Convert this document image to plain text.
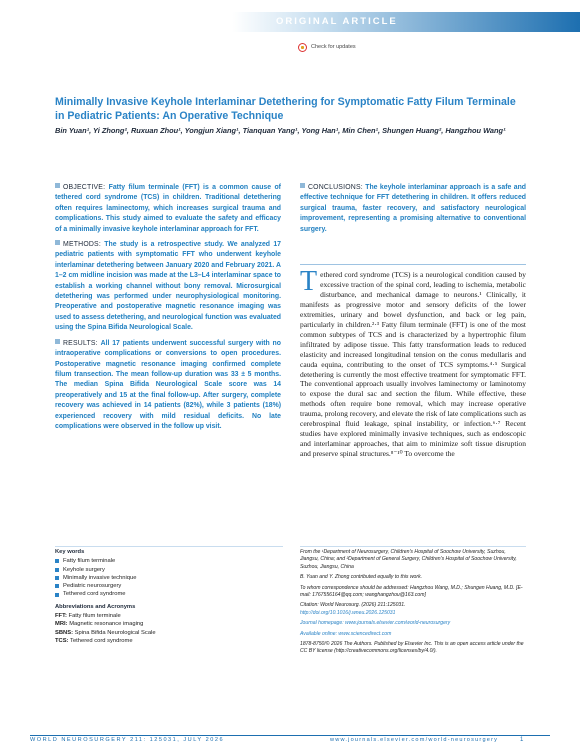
ORIGINAL ARTICLE
Check for updates
Minimally Invasive Keyhole Interlaminar Detethering for Symptomatic Fatty Filum Terminale in Pediatric Patients: An Operative Technique
Bin Yuan¹, Yi Zhong², Ruxuan Zhou¹, Yongjun Xiang¹, Tianquan Yang¹, Yong Han¹, Min Chen¹, Shungen Huang², Hangzhou Wang¹

OBJECTIVE: Fatty filum terminale (FFT) is a common cause of tethered cord syndrome (TCS) in children. Traditional detethering often requires laminectomy, which increases surgical trauma and complications. This study aimed to evaluate the safety and efficacy of a minimally invasive keyhole interlaminar approach for FFT.

METHODS: The study is a retrospective study. We analyzed 17 pediatric patients with symptomatic FFT who underwent keyhole interlaminar detethering between January 2020 and February 2021. A 1–2 cm midline incision was made at the L3–L4 interlaminar space to establish a working channel without bony removal. Microsurgical detethering was performed under neurophysiological monitoring. Preoperative and postoperative magnetic resonance imaging was used to assess detethering, and neurological function was evaluated using the Spina Bifida Neurological Scale.

RESULTS: All 17 patients underwent successful surgery with no intraoperative complications or conversions to open procedures. Postoperative magnetic resonance imaging confirmed complete filum transection. The mean follow-up duration was 33 ± 5 months. The median Spina Bifida Neurological Scale score was 14 preoperatively and 15 at the final follow-up. After surgery, complete recovery was achieved in 14 patients (82%), while 3 patients (18%) experienced recovery with mild residual deficits. No late complications were observed in the follow up visit.

CONCLUSIONS: The keyhole interlaminar approach is a safe and effective technique for FFT detethering in children. It offers reduced surgical trauma, faster recovery, and satisfactory neurological improvement, representing a promising alternative to conventional surgery.

Tethered cord syndrome (TCS) is a neurological condition caused by excessive traction of the spinal cord, leading to ischemia, metabolic disturbance, and mechanical damage to neurons.¹ Clinically, it manifests as progressive motor and sensory deficits of the lower extremities, urinary and bowel dysfunction, and back or leg pain, particularly in children.²·³ Fatty filum terminale (FFT) is one of the most common subtypes of TCS and is characterized by a hypertrophic filum infiltrated by adipose tissue. This fatty transformation leads to reduced elasticity and increased longitudinal tension on the conus medullaris and cauda equina, contributing to the onset of TCS symptoms.⁴·⁵ Surgical detethering is currently the most effective treatment for symptomatic FFT. The conventional approach usually involves laminectomy or laminotomy to expose the dural sac and section the filum. While effective, these methods often require bone removal, which may increase operative trauma, prolong recovery, and elevate the risk of late complications such as cerebrospinal fluid leakage, spinal instability, or infection.⁶·⁷ Recent studies have explored minimally invasive techniques, such as endoscopic and interlaminar approaches, that aim to minimize soft tissue disruption and preserve spinal structures.⁸⁻¹⁰ To overcome the
Key words
Fatty filum terminale
Keyhole surgery
Minimally invasive technique
Pediatric neurosurgery
Tethered cord syndrome
Abbreviations and Acronyms
FFT: Fatty filum terminale
MRI: Magnetic resonance imaging
SBNS: Spina Bifida Neurological Scale
TCS: Tethered cord syndrome

From the ¹Department of Neurosurgery, Children's Hospital of Soochow University, Suzhou, Jiangsu, China; and ²Department of General Surgery, Children's Hospital of Soochow University, Suzhou, Jiangsu, China

B. Yuan and Y. Zhong contributed equally to this work.

To whom correspondence should be addressed: Hangzhou Wang, M.D.; Shungen Huang, M.D. [E-mail: 1767556164@qq.com; wanghangzhou@163.com]

Citation: World Neurosurg. (2026) 211:125031.
http://doi.org/10.1016/j.wneu.2026.125031

Journal homepage: www.journals.elsevier.com/world-neurosurgery

Available online: www.sciencedirect.com

1878-8750/© 2026 The Authors. Published by Elsevier Inc. This is an open access article under the CC BY license (http://creativecommons.org/licenses/by/4.0/).

WORLD NEUROSURGERY 211: 125031, JULY 2026	www.journals.elsevier.com/world-neurosurgery	1
